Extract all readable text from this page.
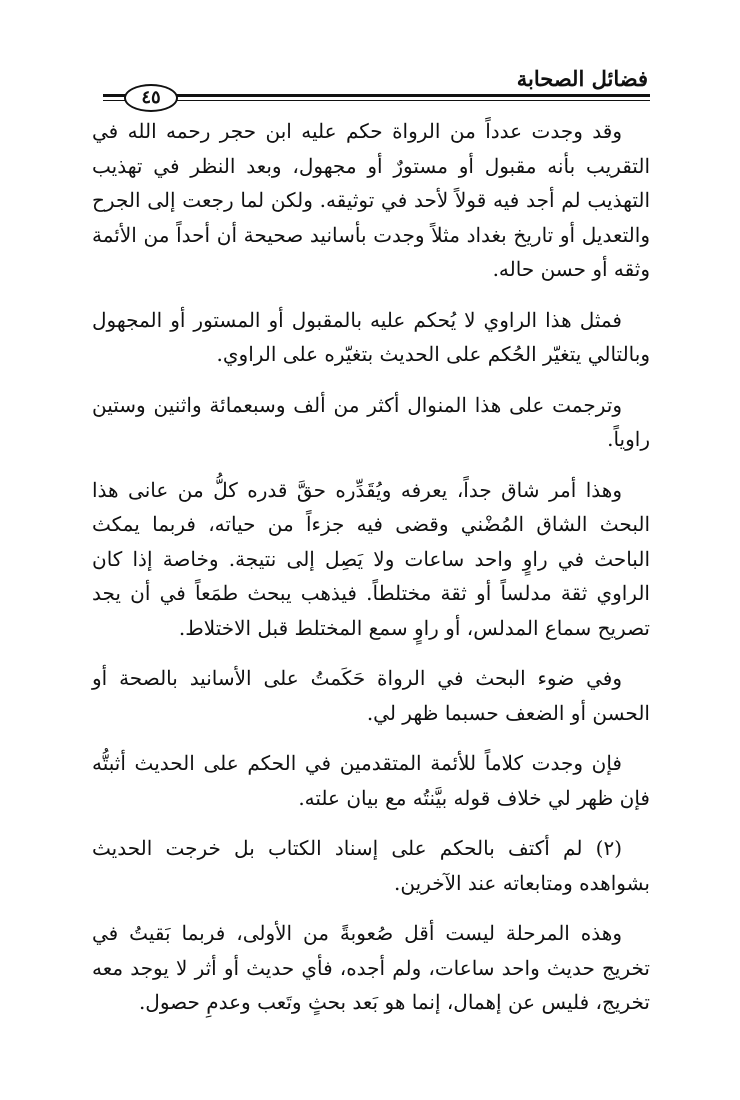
فضائل الصحابة
٤٥

وقد وجدت عدداً من الرواة حكم عليه ابن حجر رحمه الله في التقريب بأنه مقبول أو مستورٌ أو مجهول، وبعد النظر في تهذيب التهذيب لم أجد فيه قولاً لأحد في توثيقه. ولكن لما رجعت إلى الجرح والتعديل أو تاريخ بغداد مثلاً وجدت بأسانيد صحيحة أن أحداً من الأئمة وثقه أو حسن حاله.

فمثل هذا الراوي لا يُحكم عليه بالمقبول أو المستور أو المجهول وبالتالي يتغيّر الحُكم على الحديث بتغيّره على الراوي.

وترجمت على هذا المنوال أكثر من ألف وسبعمائة واثنين وستين راوياً.

وهذا أمر شاق جداً، يعرفه ويُقَدِّره حقَّ قدره كلُّ من عانى هذا البحث الشاق المُضْني وقضى فيه جزءاً من حياته، فربما يمكث الباحث في راوٍ واحد ساعات ولا يَصِل إلى نتيجة. وخاصة إذا كان الراوي ثقة مدلساً أو ثقة مختلطاً. فيذهب يبحث طمَعاً في أن يجد تصريح سماع المدلس، أو راوٍ سمع المختلط قبل الاختلاط.

وفي ضوء البحث في الرواة حَكَمتُ على الأسانيد بالصحة أو الحسن أو الضعف حسبما ظهر لي.

فإن وجدت كلاماً للأئمة المتقدمين في الحكم على الحديث أثبتُّه فإن ظهر لي خلاف قوله بيَّنتُه مع بيان علته.

(٢) لم أكتف بالحكم على إسناد الكتاب بل خرجت الحديث بشواهده ومتابعاته عند الآخرين.

وهذه المرحلة ليست أقل صُعوبةً من الأولى، فربما بَقيتُ في تخريج حديث واحد ساعات، ولم أجده، فأي حديث أو أثر لا يوجد معه تخريج، فليس عن إهمال، إنما هو بَعد بحثٍ وتَعب وعدمِ حصول.
